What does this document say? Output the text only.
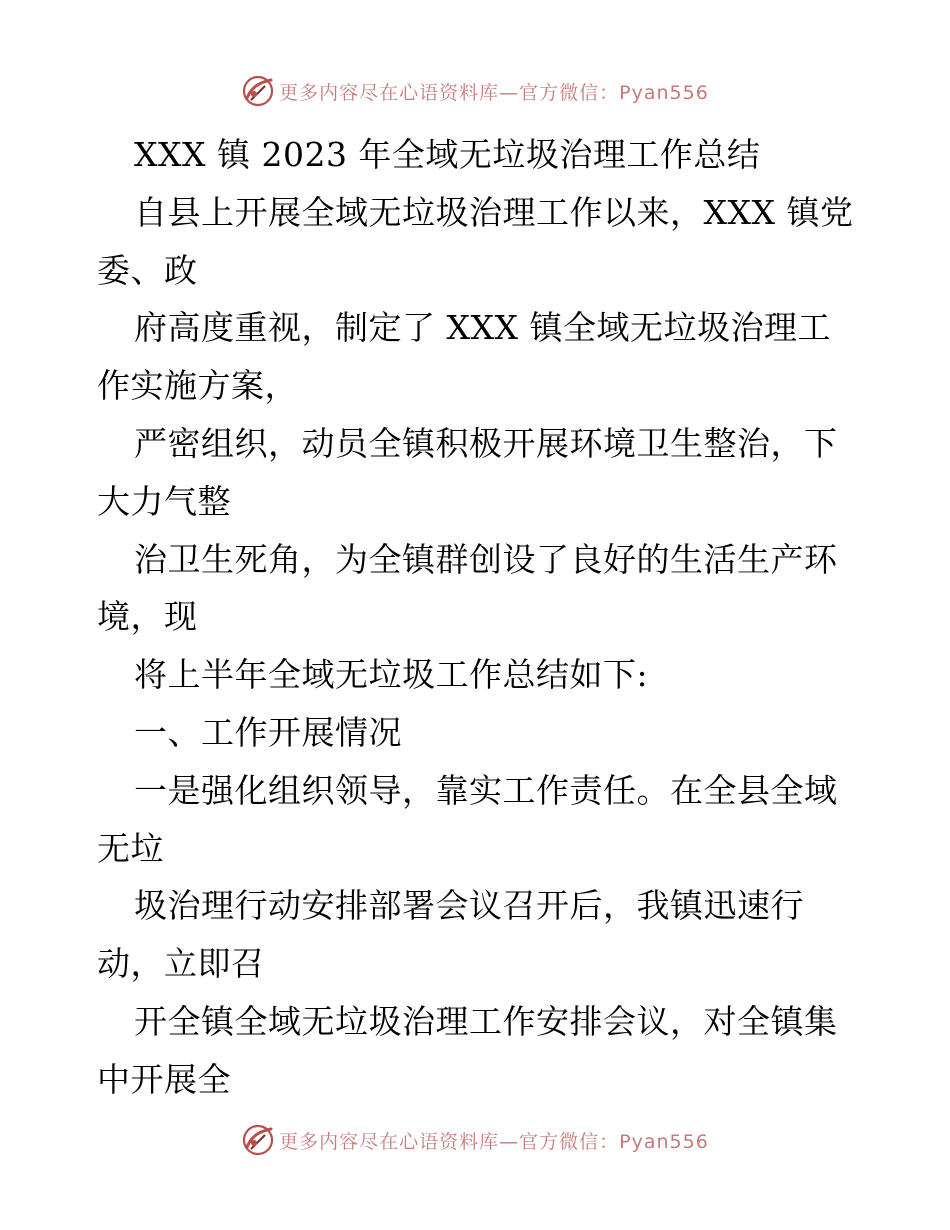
更多内容尽在心语资料库—官方微信：Pyan556
XXX 镇 2023 年全域无垃圾治理工作总结
自县上开展全域无垃圾治理工作以来，XXX 镇党
委、政
府高度重视，制定了 XXX 镇全域无垃圾治理工
作实施方案，
严密组织，动员全镇积极开展环境卫生整治，下
大力气整
治卫生死角，为全镇群创设了良好的生活生产环
境，现
将上半年全域无垃圾工作总结如下:
一、工作开展情况
一是强化组织领导，靠实工作责任。在全县全域
无垃
圾治理行动安排部署会议召开后，我镇迅速行
动，立即召
开全镇全域无垃圾治理工作安排会议，对全镇集
中开展全
更多内容尽在心语资料库—官方微信：Pyan556
